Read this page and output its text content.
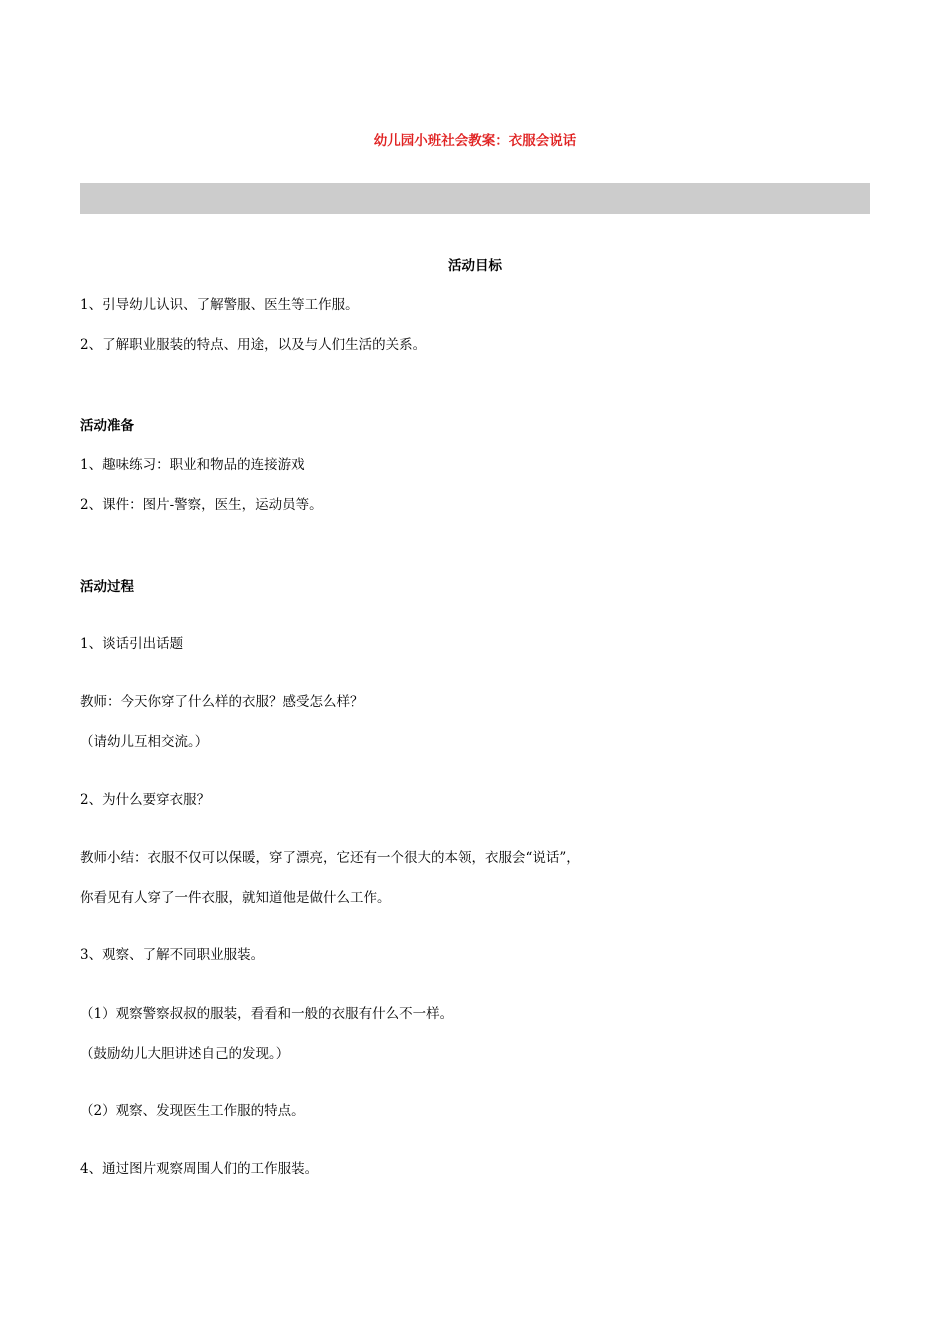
幼儿园小班社会教案：衣服会说话
活动目标
1、引导幼儿认识、了解警服、医生等工作服。
2、了解职业服装的特点、用途，以及与人们生活的关系。
活动准备
1、趣味练习：职业和物品的连接游戏
2、课件：图片-警察，医生，运动员等。
活动过程
1、谈话引出话题
教师：今天你穿了什么样的衣服？感受怎么样？
（请幼儿互相交流。）
2、为什么要穿衣服？
教师小结：衣服不仅可以保暖，穿了漂亮，它还有一个很大的本领，衣服会“说话”，
你看见有人穿了一件衣服，就知道他是做什么工作。
3、观察、了解不同职业服装。
（1）观察警察叔叔的服装，看看和一般的衣服有什么不一样。
（鼓励幼儿大胆讲述自己的发现。）
（2）观察、发现医生工作服的特点。
4、通过图片观察周围人们的工作服装。
